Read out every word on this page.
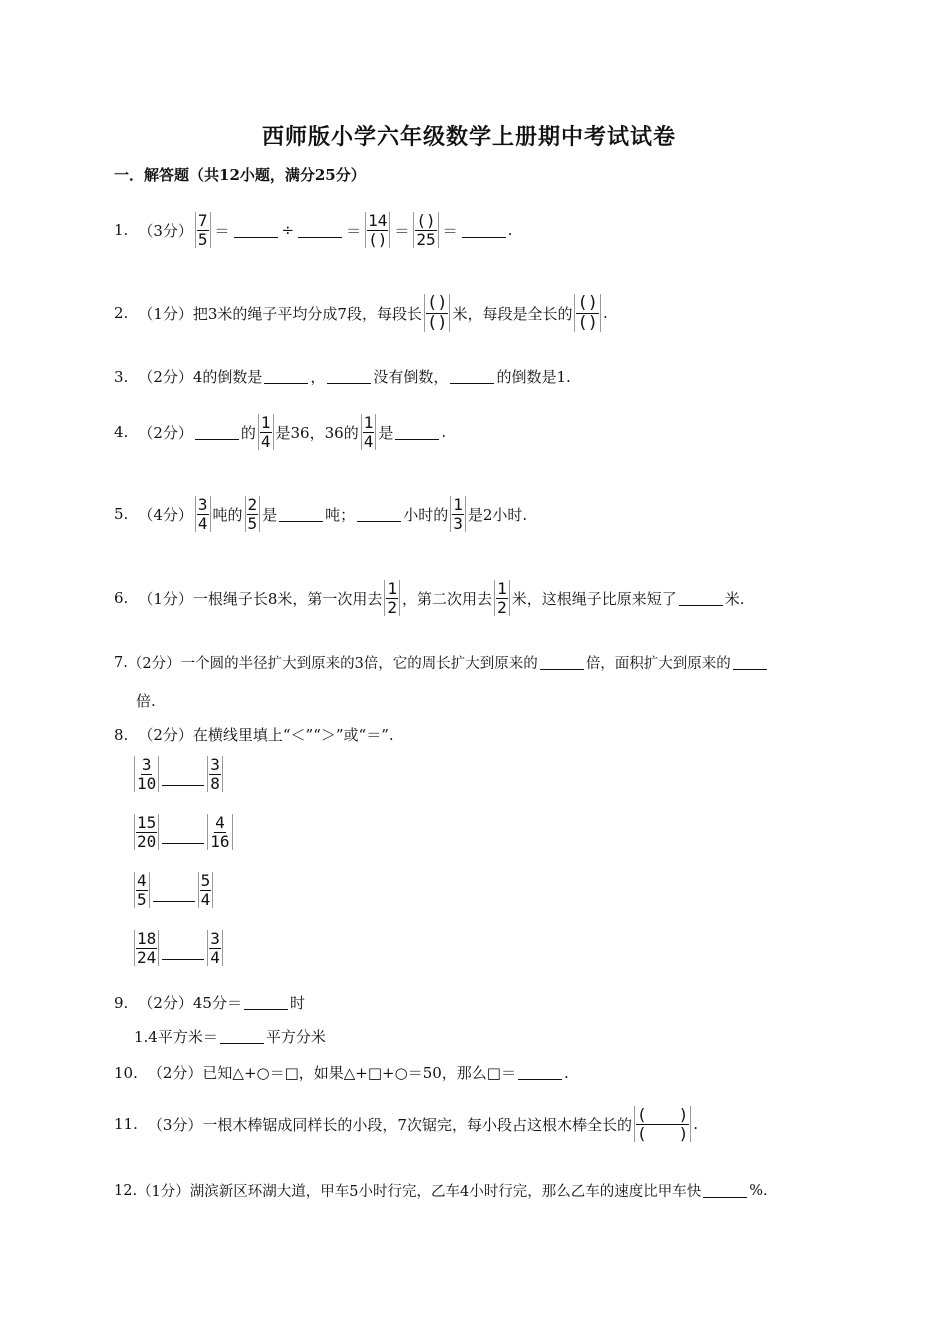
西师版小学六年级数学上册期中考试试卷
一．解答题（共12小题，满分25分）
1. （3分） $\frac{7}{5}$ ＝	÷	＝ $\frac{14}{()} = \frac{()}{25}$ ＝	.
2. （1分） 把3米的绳子平均分成7段，每段长 $\frac{()}{()}$ 米，每段是全长的 $\frac{()}{()}$ .
3. （2分） 4的倒数是	，	没有倒数，	的倒数是1.
4. （2分）	的 $\frac{1}{4}$ 是36，36的 $\frac{1}{4}$ 是	.
5. （4分） $\frac{3}{4}$ 吨的 $\frac{2}{5}$ 是	吨；	小时的 $\frac{1}{3}$ 是2小时.
6. （1分） 一根绳子长8米，第一次用去 $\frac{1}{2}$ ，第二次用去 $\frac{1}{2}$ 米，这根绳子比原来短了	米.
7. （2分） 一个圆的半径扩大到原来的3倍，它的周长扩大到原来的	倍，面积扩大到原来的
倍.
8. （2分） 在横线里填上“＜”“＞”或“＝”.
$\frac{3}{10}$	$\frac{3}{8}$
$\frac{15}{20}$	$\frac{4}{16}$
$\frac{4}{5}$	$\frac{5}{4}$
$\frac{18}{24}$	$\frac{3}{4}$
9. （2分） 45分＝	时
1.4平方米＝	平方分米
10. （2分） 已知△+○＝□，如果△+□+○＝50，那么□＝	.
11. （3分） 一根木棒锯成同样长的小段，7次锯完，每小段占这根木棒全长的 $\frac{( )}{( )}$ .
12. （1分） 湖滨新区环湖大道，甲车5小时行完，乙车4小时行完，那么乙车的速度比甲车快	%.
